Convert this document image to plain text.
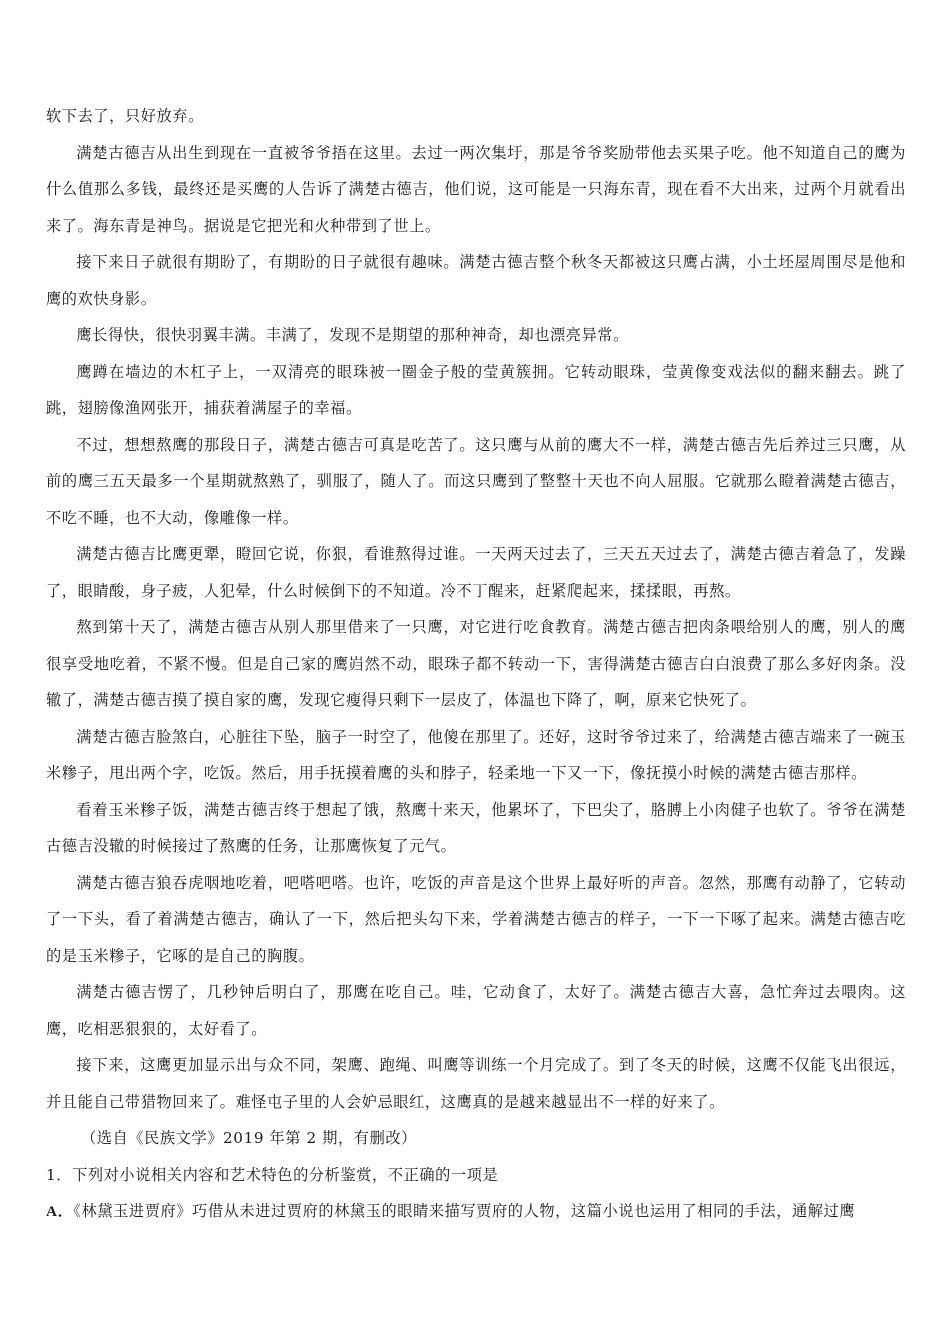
软下去了，只好放弃。

满楚古德吉从出生到现在一直被爷爷捂在这里。去过一两次集圩，那是爷爷奖励带他去买果子吃。他不知道自己的鹰为什么值那么多钱，最终还是买鹰的人告诉了满楚古德吉，他们说，这可能是一只海东青，现在看不大出来，过两个月就看出来了。海东青是神鸟。据说是它把光和火种带到了世上。

接下来日子就很有期盼了，有期盼的日子就很有趣味。满楚古德吉整个秋冬天都被这只鹰占满，小土坯屋周围尽是他和鹰的欢快身影。

鹰长得快，很快羽翼丰满。丰满了，发现不是期望的那种神奇，却也漂亮异常。

鹰蹲在墙边的木杠子上，一双清亮的眼珠被一圈金子般的莹黄簇拥。它转动眼珠，莹黄像变戏法似的翻来翻去。跳了跳，翅膀像渔网张开，捕获着满屋子的幸福。

不过，想想熬鹰的那段日子，满楚古德吉可真是吃苦了。这只鹰与从前的鹰大不一样，满楚古德吉先后养过三只鹰，从前的鹰三五天最多一个星期就熬熟了，驯服了，随人了。而这只鹰到了整整十天也不向人屈服。它就那么瞪着满楚古德吉，不吃不睡，也不大动，像雕像一样。

满楚古德吉比鹰更犟，瞪回它说，你狠，看谁熬得过谁。一天两天过去了，三天五天过去了，满楚古德吉着急了，发躁了，眼睛酸，身子疲，人犯晕，什么时候倒下的不知道。冷不丁醒来，赶紧爬起来，揉揉眼，再熬。

熬到第十天了，满楚古德吉从别人那里借来了一只鹰，对它进行吃食教育。满楚古德吉把肉条喂给别人的鹰，别人的鹰很享受地吃着，不紧不慢。但是自己家的鹰岿然不动，眼珠子都不转动一下，害得满楚古德吉白白浪费了那么多好肉条。没辙了，满楚古德吉摸了摸自家的鹰，发现它瘦得只剩下一层皮了，体温也下降了，啊，原来它快死了。

满楚古德吉脸煞白，心脏往下坠，脑子一时空了，他傻在那里了。还好，这时爷爷过来了，给满楚古德吉端来了一碗玉米糁子，甩出两个字，吃饭。然后，用手抚摸着鹰的头和脖子，轻柔地一下又一下，像抚摸小时候的满楚古德吉那样。

看着玉米糁子饭，满楚古德吉终于想起了饿，熬鹰十来天，他累坏了，下巴尖了，胳膊上小肉健子也软了。爷爷在满楚古德吉没辙的时候接过了熬鹰的任务，让那鹰恢复了元气。

满楚古德吉狼吞虎咽地吃着，吧嗒吧嗒。也许，吃饭的声音是这个世界上最好听的声音。忽然，那鹰有动静了，它转动了一下头，看了着满楚古德吉，确认了一下，然后把头勾下来，学着满楚古德吉的样子，一下一下啄了起来。满楚古德吉吃的是玉米糁子，它啄的是自己的胸腹。

满楚古德吉愣了，几秒钟后明白了，那鹰在吃自己。哇，它动食了，太好了。满楚古德吉大喜，急忙奔过去喂肉。这鹰，吃相恶狠狠的，太好看了。

接下来，这鹰更加显示出与众不同，架鹰、跑绳、叫鹰等训练一个月完成了。到了冬天的时候，这鹰不仅能飞出很远，并且能自己带猎物回来了。难怪屯子里的人会妒忌眼红，这鹰真的是越来越显出不一样的好来了。

（选自《民族文学》2019 年第 2 期，有删改）

1．下列对小说相关内容和艺术特色的分析鉴赏，不正确的一项是

A．《林黛玉进贾府》巧借从未进过贾府的林黛玉的眼睛来描写贾府的人物，这篇小说也运用了相同的手法，通解过鹰
